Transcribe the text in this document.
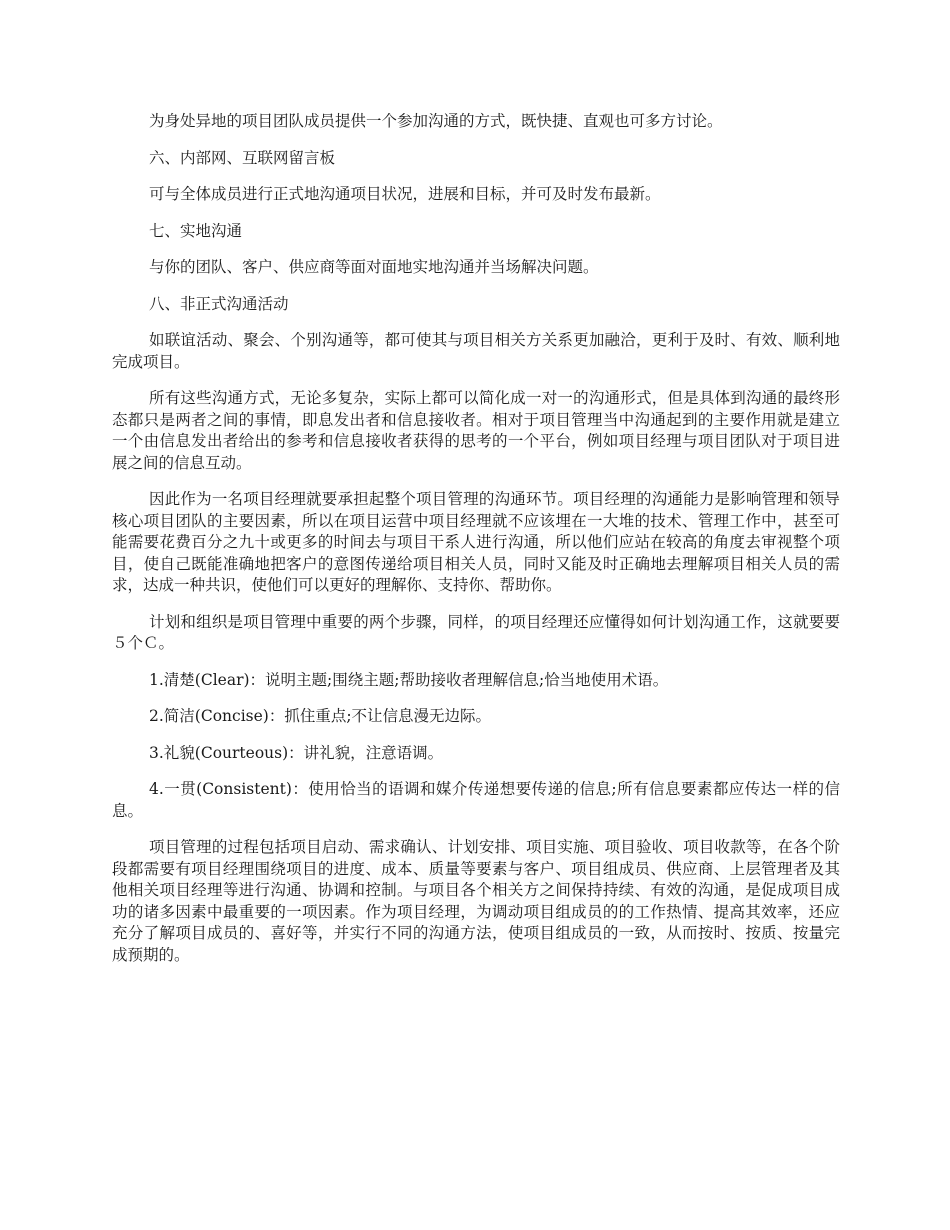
为身处异地的项目团队成员提供一个参加沟通的方式，既快捷、直观也可多方讨论。

六、内部网、互联网留言板

可与全体成员进行正式地沟通项目状况，进展和目标，并可及时发布最新。

七、实地沟通

与你的团队、客户、供应商等面对面地实地沟通并当场解决问题。

八、非正式沟通活动

如联谊活动、聚会、个别沟通等，都可使其与项目相关方关系更加融洽，更利于及时、有效、顺利地完成项目。

所有这些沟通方式，无论多复杂，实际上都可以简化成一对一的沟通形式，但是具体到沟通的最终形态都只是两者之间的事情，即息发出者和信息接收者。相对于项目管理当中沟通起到的主要作用就是建立一个由信息发出者给出的参考和信息接收者获得的思考的一个平台，例如项目经理与项目团队对于项目进展之间的信息互动。

因此作为一名项目经理就要承担起整个项目管理的沟通环节。项目经理的沟通能力是影响管理和领导核心项目团队的主要因素，所以在项目运营中项目经理就不应该埋在一大堆的技术、管理工作中，甚至可能需要花费百分之九十或更多的时间去与项目干系人进行沟通，所以他们应站在较高的角度去审视整个项目，使自己既能准确地把客户的意图传递给项目相关人员，同时又能及时正确地去理解项目相关人员的需求，达成一种共识，使他们可以更好的理解你、支持你、帮助你。

计划和组织是项目管理中重要的两个步骤，同样，的项目经理还应懂得如何计划沟通工作，这就要要５个Ｃ。

1.清楚(Clear)：说明主题;围绕主题;帮助接收者理解信息;恰当地使用术语。

2.简洁(Concise)：抓住重点;不让信息漫无边际。

3.礼貌(Courteous)：讲礼貌，注意语调。

4.一贯(Consistent)：使用恰当的语调和媒介传递想要传递的信息;所有信息要素都应传达一样的信息。

项目管理的过程包括项目启动、需求确认、计划安排、项目实施、项目验收、项目收款等，在各个阶段都需要有项目经理围绕项目的进度、成本、质量等要素与客户、项目组成员、供应商、上层管理者及其他相关项目经理等进行沟通、协调和控制。与项目各个相关方之间保持持续、有效的沟通，是促成项目成功的诸多因素中最重要的一项因素。作为项目经理，为调动项目组成员的的工作热情、提高其效率，还应充分了解项目成员的、喜好等，并实行不同的沟通方法，使项目组成员的一致，从而按时、按质、按量完成预期的。
